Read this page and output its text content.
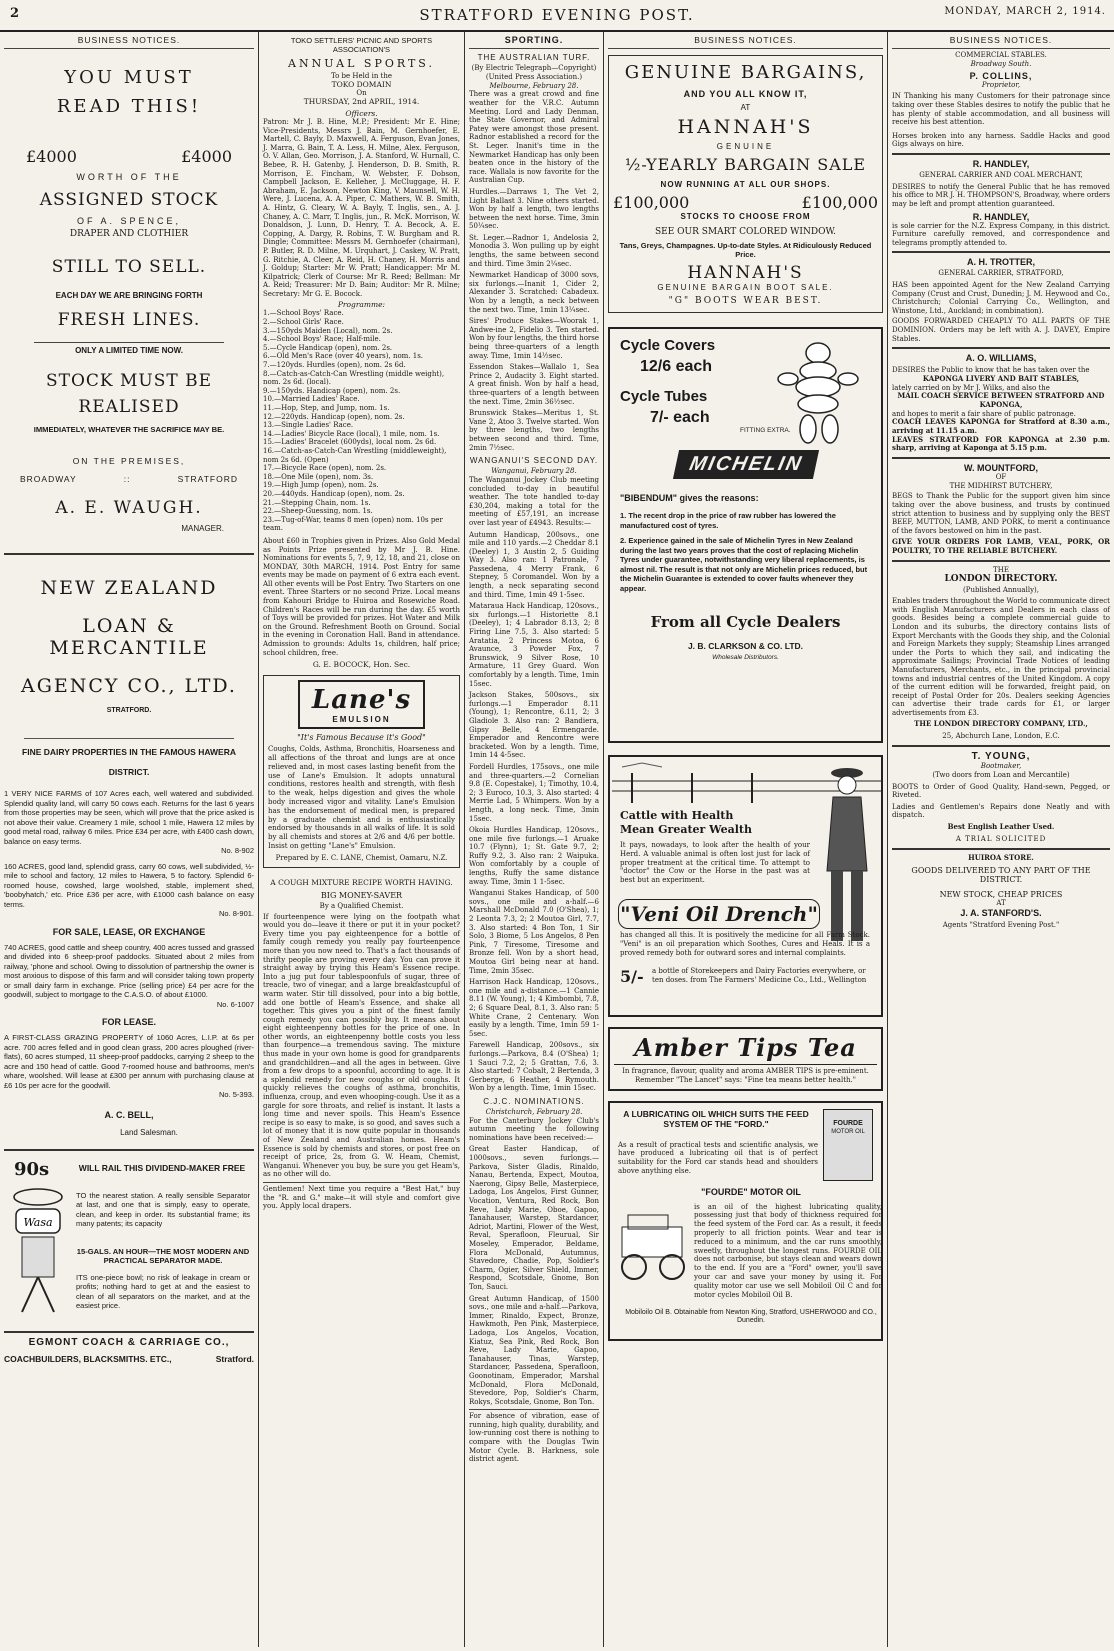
2	STRATFORD EVENING POST.	MONDAY, MARCH 2, 1914.
BUSINESS NOTICES.
YOU MUST
READ THIS!
£4000	£4000
WORTH OF THE
ASSIGNED STOCK
OF A. SPENCE,
DRAPER AND CLOTHIER
STILL TO SELL.
EACH DAY WE ARE BRINGING FORTH
FRESH LINES.
ONLY A LIMITED TIME NOW.
STOCK MUST BE
REALISED
IMMEDIATELY, WHATEVER THE SACRIFICE MAY BE.
ON THE PREMISES,
BROADWAY	::	STRATFORD
A. E. WAUGH.
MANAGER.
NEW ZEALAND
LOAN & MERCANTILE
AGENCY CO., LTD.
STRATFORD.
FINE DAIRY PROPERTIES IN THE FAMOUS HAWERA
DISTRICT.
1 VERY NICE FARMS of 107 Acres each, well watered and subdivided. Splendid quality land, will carry 50 cows each. Returns for the last 6 years from those properties may be seen, which will prove that the price asked is not above their value. Creamery 1 mile, school 1 mile, Hawera 12 miles by good metal road, railway 6 miles. Price £34 per acre, with £400 cash down, balance on easy terms.
No. 8-902
160 ACRES, good land, splendid grass, carry 60 cows, well subdivided, ½-mile to school and factory, 12 miles to Hawera, 5 to factory. Splendid 6-roomed house, cowshed, large woolshed, stable, implement shed, 'boobyhatch,' etc. Price £36 per acre, with £1000 cash balance on easy terms.
No. 8-901.
FOR SALE, LEASE, OR EXCHANGE
740 ACRES, good cattle and sheep country, 400 acres tussed and grassed and divided into 6 sheep-proof paddocks. Situated about 2 miles from railway, 'phone and school. Owing to dissolution of partnership the owner is most anxious to dispose of this farm and will consider taking town property or small dairy farm in exchange. Price (selling price) £4 per acre for the goodwill, subject to mortgage to the C.A.S.O. of about £1000.
No. 6-1007
FOR LEASE.
A FIRST-CLASS GRAZING PROPERTY of 1060 Acres, L.I.P. at 6s per acre. 700 acres felled and in good clean grass, 200 acres ploughed (river-flats), 60 acres stumped, 11 sheep-proof paddocks, carrying 2 sheep to the acre and 150 head of cattle. Good 7-roomed house and bathrooms, men's whare, woolshed. Will lease at £300 per annum with purchasing clause at £6 10s per acre for the goodwill.
No. 5-393.
A. C. BELL,
Land Salesman.
90s	WILL RAIL THIS DIVIDEND-MAKER FREE
Wasa
TO the nearest station. A really sensible Separator at last, and one that is simply, easy to operate, clean, and keep in order. Its substantial frame; its many patents; its capacity
15-GALS. AN HOUR—THE MOST MODERN AND PRACTICAL SEPARATOR MADE.
ITS one-piece bowl; no risk of leakage in cream or profits; nothing hard to get at and the easiest to clean of all separators on the market, and at the easiest price.
EGMONT COACH & CARRIAGE CO.,
COACHBUILDERS, BLACKSMITHS. ETC.,	Stratford.
TOKO SETTLERS' PICNIC AND SPORTS ASSOCIATION'S
ANNUAL SPORTS.
To be Held in the
TOKO DOMAIN
On
THURSDAY, 2nd APRIL, 1914.
Officers.
Patron: Mr J. B. Hine, M.P.; President: Mr E. Hine; Vice-Presidents, Messrs J. Bain, M. Gernhoefer, E. Martell, C. Bayly, D. Maxwell, A. Ferguson, Evan Jones, J. Marra, G. Bain, T. A. Less, H. Milne, Alex. Ferguson, O. V. Allan, Geo. Morrison, J. A. Stanford, W. Hurnall, C. Bebee, R. H. Gatenby, J. Henderson, D. B. Smith, R. Morrison, E. Fincham, W. Webster, F. Dobson, Campbell Jackson, E. Kelleher, J. McCluggage, H. F. Abraham, E. Jackson, Newton King, V. Maunsell, W. H. Were, J. Lucena, A. A. Piper, C. Mathers, W. B. Smith, A. Hintz, G. Cleary, W. A. Bayly, T. Inglis, sen., A. J. Chaney, A. C. Marr, T. Inglis, jun., R. McK. Morrison, W. Donaldson, J. Lunn, D. Henry, T. A. Becock, A. E. Copping, A. Dargy, R. Robins, T. W. Burgham and R. Dingle; Committee: Messrs M. Gernhoefer (chairman), P. Butler, R. D. Milne, M. Urquhart, J. Caskey, W. Pratt, G. Ritchie, A. Cleer, A. Reid, H. Chaney, H. Morris and J. Goldup; Starter: Mr W. Pratt; Handicapper: Mr M. Kilpatrick; Clerk of Course: Mr R. Reed; Bellman: Mr A. Reid; Treasurer: Mr D. Bain; Auditor: Mr R. Milne; Secretary: Mr G. E. Bocock.
Programme:
1.—School Boys' Race.
2.—School Girls' Race.
3.—150yds Maiden (Local), nom. 2s.
4.—School Boys' Race; Half-mile.
5.—Cycle Handicap (open), nom. 2s.
6.—Old Men's Race (over 40 years), nom. 1s.
7.—120yds. Hurdles (open), nom. 2s 6d.
8.—Catch-as-Catch-Can Wrestling (middle weight), nom. 2s 6d. (local).
9.—150yds. Handicap (open), nom. 2s.
10.—Married Ladies' Race.
11.—Hop, Step, and Jump, nom. 1s.
12.—220yds. Handicap (open), nom. 2s.
13.—Single Ladies' Race.
14.—Ladies' Bicycle Race (local), 1 mile, nom. 1s.
15.—Ladies' Bracelet (600yds), local nom. 2s 6d.
16.—Catch-as-Catch-Can Wrestling (middleweight), nom 2s 6d. (Open)
17.—Bicycle Race (open), nom. 2s.
18.—One Mile (open), nom. 3s.
19.—High Jump (open), nom. 2s.
20.—440yds. Handicap (open), nom. 2s.
21.—Stepping Chain, nom. 1s.
22.—Sheep-Guessing, nom. 1s.
23.—Tug-of-War, teams 8 men (open) nom. 10s per team.
About £60 in Trophies given in Prizes. Also Gold Medal as Points Prize presented by Mr J. B. Hine. Nominations for events 5, 7, 9, 12, 18, and 21, close on MONDAY, 30th MARCH, 1914. Post Entry for same events may be made on payment of 6 extra each event. All other events will be Post Entry. Two Starters on one event. Three Starters or no second Prize. Local means from Kahouri Bridge to Huiroa and Rosewiche Road. Children's Races will be run during the day. £5 worth of Toys will be provided for prizes. Hot Water and Milk on the Ground. Refreshment Booth on Ground. Social in the evening in Coronation Hall. Band in attendance. Admission to grounds: Adults 1s, children, half price; school children, free.
G. E. BOCOCK, Hon. Sec.
Lane's
EMULSION
"It's Famous Because it's Good"
Coughs, Colds, Asthma, Bronchitis, Hoarseness and all affections of the throat and lungs are at once relieved and, in most cases lasting benefit from the use of Lane's Emulsion. It adopts unnatural conditions, restores health and strength, with flesh to the weak, helps digestion and gives the whole body increased vigor and vitality. Lane's Emulsion has the endorsement of medical men, is prepared by a graduate chemist and is enthusiastically endorsed by thousands in all walks of life. It is sold by all chemists and stores at 2/6 and 4/6 per bottle. Insist on getting "Lane's" Emulsion.
Prepared by E. C. LANE, Chemist, Oamaru, N.Z.
A COUGH MIXTURE RECIPE WORTH HAVING.
BIG MONEY-SAVER
By a Qualified Chemist.
If fourteenpence were lying on the footpath what would you do—leave it there or put it in your pocket? Every time you pay eighteenpence for a bottle of family cough remedy you really pay fourteenpence more than you now need to. That's a fact thousands of thrifty people are proving every day. You can prove it straight away by trying this Heam's Essence recipe. Into a jug put four tablespoonfuls of sugar, three of treacle, two of vinegar, and a large breakfastcupful of warm water. Stir till dissolved, pour into a big bottle, add one bottle of Heam's Essence, and shake all together. This gives you a pint of the finest family cough remedy you can possibly buy. It means about eight eighteenpenny bottles for the price of one. In other words, an eighteenpenny bottle costs you less than fourpence—a tremendous saving. The mixture thus made in your own home is good for grandparents and grandchildren—and all the ages in between. Give from a few drops to a spoonful, according to age. It is a splendid remedy for new coughs or old coughs. It quickly relieves the coughs of asthma, bronchitis, influenza, croup, and even whooping-cough. Use it as a gargle for sore throats, and relief is instant. It lasts a long time and never spoils. This Heam's Essence recipe is so easy to make, is so good, and saves such a lot of money that it is now quite popular in thousands of New Zealand and Australian homes. Heam's Essence is sold by chemists and stores, or post free on receipt of price, 2s, from G. W. Heam, Chemist, Wanganui. Whenever you buy, be sure you get Heam's, as no other will do.
Gentlemen! Next time you require a "Best Hat," buy the "R. and G." make—it will style and comfort give you. Apply local drapers.
SPORTING.
THE AUSTRALIAN TURF.
(By Electric Telegraph—Copyright) (United Press Association.)
Melbourne, February 28.
There was a great crowd and fine weather for the V.R.C. Autumn Meeting. Lord and Lady Denman, the State Governor, and Admiral Patey were amongst those present. Radnor established a record for the St. Leger. Inanit's time in the Newmarket Handicap has only been beaten once in the history of the race. Wallala is now favorite for the Australian Cup.
Hurdles.—Darraws 1, The Vet 2, Light Ballast 3. Nine others started. Won by half a length, two lengths between the next horse. Time, 3min 50¼sec.
St. Leger.—Radnor 1, Andelosia 2, Monodia 3. Won pulling up by eight lengths, the same between second and third. Time 3min 2¼sec.
Newmarket Handicap of 3000 sovs, six furlongs.—Inanit 1, Cider 2, Alexander 3. Scratched: Cabadeux. Won by a length, a neck between the next two. Time, 1min 13¼sec.
Sires' Produce Stakes—Woorak 1, Andwe-ine 2, Fidelio 3. Ten started. Won by four lengths, the third horse being three-quarters of a length away. Time, 1min 14½sec.
Essendon Stakes—Wallalo 1, Sea Prince 2, Audacity 3. Eight started. A great finish. Won by half a head, three-quarters of a length between the next. Time, 2min 36½sec.
Brunswick Stakes—Meritus 1, St. Vane 2, Atoo 3. Twelve started. Won by three lengths, two lengths between second and third. Time, 2min 7½sec.
WANGANUI'S SECOND DAY.
Wanganui, February 28.
The Wanganui Jockey Club meeting concluded to-day in beautiful weather. The tote handled to-day £30,204, making a total for the meeting of £57,191, an increase over last year of £4943. Results:—
Autumn Handicap, 200sovs., one mile and 110 yards.—2 Cheddar 8.1 (Deeley) 1, 3 Austin 2, 5 Guiding Way 3. Also ran: 1 Patronale, 7 Passedena, 4 Merry Frank, 6 Stepney, 5 Coromandel. Won by a length, a neck separating second and third. Time, 1min 49 1-5sec.
Mataraua Hack Handicap, 120sovs., six furlongs.—1 Historiette 8.1 (Deeley), 1; 4 Labrador 8.13, 2; 8 Firing Line 7.5, 3. Also started: 5 Aratatia, 2 Princess Motoa, 6 Avaunce, 3 Powder Fox, 7 Brunswick, 9 Silver Rose, 10 Armature, 11 Grey Guard. Won comfortably by a length. Time, 1min 15sec.
Jackson Stakes, 500sovs., six furlongs.—1 Emperador 8.11 (Young), 1; Rencontre, 6.11, 2; 3 Gladiole 3. Also ran: 2 Bandiera, Gipsy Belle, 4 Ermengarde. Emperador and Rencontre were bracketed. Won by a length. Time, 1min 14 4-5sec.
Fordell Hurdles, 175sovs., one mile and three-quarters.—2 Cornelian 9.8 (E. Copestake), 1; Timothy, 10.4, 2; 3 Euroco, 10.3, 3. Also started: 4 Merrie Lad, 5 Whimpers. Won by a length, a long neck. Time, 3min 15sec.
Okoia Hurdles Handicap, 120sovs., one mile five furlongs.—1 Aruake 10.7 (Flynn), 1; St. Gate 9.7, 2; Ruffy 9.2, 3. Also ran: 2 Waipuka. Won comfortably by a couple of lengths, Ruffy the same distance away. Time, 3min 1 1-5sec.
Wanganui Stakes Handicap, of 500 sovs., one mile and a-half.—6 Marshall McDonald 7.0 (O'Shea), 1; 2 Leonta 7.3, 2; 2 Moutoa Girl, 7.7, 3. Also started: 4 Bon Ton, 1 Sir Solo, 3 Biome, 5 Los Angelos, 8 Pen Pink, 7 Tiresome, Tiresome and Bronze fell. Won by a short head, Moutoa Girl being near at hand. Time, 2min 35sec.
Harrison Hack Handicap, 120sovs., one mile and a-distance.—1 Cannie 8.11 (W. Young), 1; 4 Kimbombi, 7.8, 2; 6 Square Deal, 8.1, 3. Also ran: 5 White Crane, 2 Centenary. Won easily by a length. Time, 1min 59 1-5sec.
Farewell Handicap, 200sovs., six furlongs.—Parkova, 8.4 (O'Shea) 1; 1 Sauci 7.2, 2; 5 Grattan, 7.6, 3. Also started: 7 Cobalt, 2 Bertenda, 3 Gerberge, 6 Heather, 4 Rymouth. Won by a length. Time, 1min 15sec.
C.J.C. NOMINATIONS.
Christchurch, February 28.
For the Canterbury Jockey Club's autumn meeting the following nominations have been received:—
Great Easter Handicap, of 1000sovs., seven furlongs.—Parkova, Sister Gladis, Rinaldo, Nanau, Bertenda, Expect, Moutoa, Naerong, Gipsy Belle, Masterpiece, Ladoga, Los Angelos, First Gunner, Vocation, Ventura, Red Rock, Bon Reve, Lady Marie, Oboe, Gapoo, Tanahauser, Warstep, Stardancer, Adriot, Martini, Flower of the West, Reval, Sperafloon, Fleurual, Sir Moseley, Emperador, Beldame, Flora McDonald, Autumnus, Stavedore, Chadie, Pop, Soldier's Charm, Ogier, Silver Shield, Immer, Respond, Scotsdale, Gnome, Bon Ton, Sauci.
Great Autumn Handicap, of 1500 sovs., one mile and a-half.—Parkova, Immer, Rinaldo, Expect, Bronze, Hawkmoth, Pen Pink, Masterpiece, Ladoga, Los Angelos, Vocation, Kiatuz, Sea Pink, Red Rock, Bon Reve, Lady Marie, Gapoo, Tanahauser, Tinas, Warstep, Stardancer, Passedena, Sperafloon, Goonotinam, Emperador, Marshal McDonald, Flora McDonald, Stevedore, Pop, Soldier's Charm, Rokys, Scotsdale, Gnome, Bon Ton.
For absence of vibration, ease of running, high quality, durability, and low-running cost there is nothing to compare with the Douglas Twin Motor Cycle. B. Harkness, sole district agent.
BUSINESS NOTICES.
GENUINE BARGAINS,
AND YOU ALL KNOW IT,
AT
HANNAH'S
GENUINE
½-YEARLY BARGAIN SALE
NOW RUNNING AT ALL OUR SHOPS.
£100,000	£100,000
STOCKS TO CHOOSE FROM
SEE OUR SMART COLORED WINDOW.
Tans, Greys, Champagnes. Up-to-date Styles. At Ridiculously Reduced Price.
HANNAH'S
GENUINE BARGAIN BOOT SALE.
"G" BOOTS WEAR BEST.
Cycle Covers
12/6 each
Cycle Tubes
7/- each
FITTING EXTRA.
MICHELIN
"BIBENDUM" gives the reasons:
1. The recent drop in the price of raw rubber has lowered the manufactured cost of tyres.
2. Experience gained in the sale of Michelin Tyres in New Zealand during the last two years proves that the cost of replacing Michelin Tyres under guarantee, notwithstanding very liberal replacements, is almost nil. The result is that not only are Michelin prices reduced, but the Michelin Guarantee is extended to cover faults whenever they appear.
From all Cycle Dealers
J. B. CLARKSON & CO. LTD.
Wholesale Distributors.
Cattle with Health
Mean Greater Wealth
It pays, nowadays, to look after the health of your Herd. A valuable animal is often lost just for lack of proper treatment at the critical time. To attempt to "doctor" the Cow or the Horse in the past was at best but an experiment.
"Veni Oil Drench"
has changed all this. It is positively the medicine for all Farm Stock. "Veni" is an oil preparation which Soothes, Cures and Heals. It is a proved remedy both for outward sores and internal complaints.
5/- a bottle of Storekeepers and Dairy Factories everywhere, or ten doses. from The Farmers' Medicine Co., Ltd., Wellington
Amber Tips Tea
In fragrance, flavour, quality and aroma AMBER TIPS is pre-eminent. Remember "The Lancet" says: "Fine tea means better health."
A LUBRICATING OIL WHICH SUITS THE FEED SYSTEM OF THE "FORD."	FOURDE
MOTOR OIL
As a result of practical tests and scientific analysis, we have produced a lubricating oil that is of perfect suitability for the Ford car stands head and shoulders above anything else.
"FOURDE" MOTOR OIL
is an oil of the highest lubricating quality, possessing just that body of thickness required for the feed system of the Ford car. As a result, it feeds properly to all friction points. Wear and tear is reduced to a minimum, and the car runs smoothly, sweetly, throughout the longest runs. FOURDE OIL does not carbonise, but stays clean and wears down to the end. If you are a "Ford" owner, you'll save your car and save your money by using it. For quality motor car use we sell Mobiloil Oil C and for motor cycles Mobiloil Oil B.
Mobiloilo Oil B. Obtainable from Newton King, Stratford, USHERWOOD and CO., Dunedin.
BUSINESS NOTICES.
COMMERCIAL STABLES.
Broadway South.
P. COLLINS,
Proprietor,
IN Thanking his many Customers for their patronage since taking over these Stables desires to notify the public that he has plenty of stable accommodation, and all business will receive his best attention.
Horses broken into any harness. Saddle Hacks and good Gigs always on hire.
R. HANDLEY,
GENERAL CARRIER AND COAL MERCHANT,
DESIRES to notify the General Public that he has removed his office to MR J. H. THOMPSON'S, Broadway, where orders may be left and prompt attention guaranteed.
R. HANDLEY,
is sole carrier for the N.Z. Express Company, in this district. Furniture carefully removed, and correspondence and telegrams promptly attended to.
A. H. TROTTER,
GENERAL CARRIER, STRATFORD,
HAS been appointed Agent for the New Zealand Carrying Company (Crust and Crust, Dunedin; J. M. Heywood and Co., Christchurch; Colonial Carrying Co., Wellington, and Winstone, Ltd., Auckland; in combination).
GOODS FORWARDED CHEAPLY TO ALL PARTS OF THE DOMINION. Orders may be left with A. J. DAVEY, Empire Stables.
A. O. WILLIAMS,
DESIRES the Public to know that he has taken over the
KAPONGA LIVERY AND BAIT STABLES,
lately carried on by Mr J. Wilks, and also the
MAIL COACH SERVICE BETWEEN STRATFORD AND KAPONGA,
and hopes to merit a fair share of public patronage.
COACH LEAVES KAPONGA for Stratford at 8.30 a.m., arriving at 11.15 a.m.
LEAVES STRATFORD FOR KAPONGA at 2.30 p.m. sharp, arriving at Kaponga at 5.15 p.m.
W. MOUNTFORD,
OF
THE MIDHIRST BUTCHERY,
BEGS to Thank the Public for the support given him since taking over the above business, and trusts by continued strict attention to business and by supplying only the BEST BEEF, MUTTON, LAMB, AND PORK, to merit a continuance of the favors bestowed on him in the past.
GIVE YOUR ORDERS FOR LAMB, VEAL, PORK, OR POULTRY, TO THE RELIABLE BUTCHERY.
THE
LONDON DIRECTORY.
(Published Annually),
Enables traders throughout the World to communicate direct with English Manufacturers and Dealers in each class of goods. Besides being a complete commercial guide to London and its suburbs, the directory contains lists of Export Merchants with the Goods they ship, and the Colonial and Foreign Markets they supply; Steamship Lines arranged under the Ports to which they sail, and indicating the approximate Sailings; Provincial Trade Notices of leading Manufacturers, Merchants, etc., in the principal provincial towns and industrial centres of the United Kingdom. A copy of the current edition will be forwarded, freight paid, on receipt of Postal Order for 20s. Dealers seeking Agencies can advertise their trade cards for £1, or larger advertisements from £3.
THE LONDON DIRECTORY COMPANY, LTD.,
25, Abchurch Lane, London, E.C.
T. YOUNG,
Bootmaker,
(Two doors from Loan and Mercantile)
BOOTS to Order of Good Quality, Hand-sewn, Pegged, or Riveted.
Ladies and Gentlemen's Repairs done Neatly and with dispatch.
Best English Leather Used.
A TRIAL SOLICITED
HUIROA STORE.
GOODS DELIVERED TO ANY PART OF THE DISTRICT.
NEW STOCK, CHEAP PRICES
AT
J. A. STANFORD'S.
Agents "Stratford Evening Post."
